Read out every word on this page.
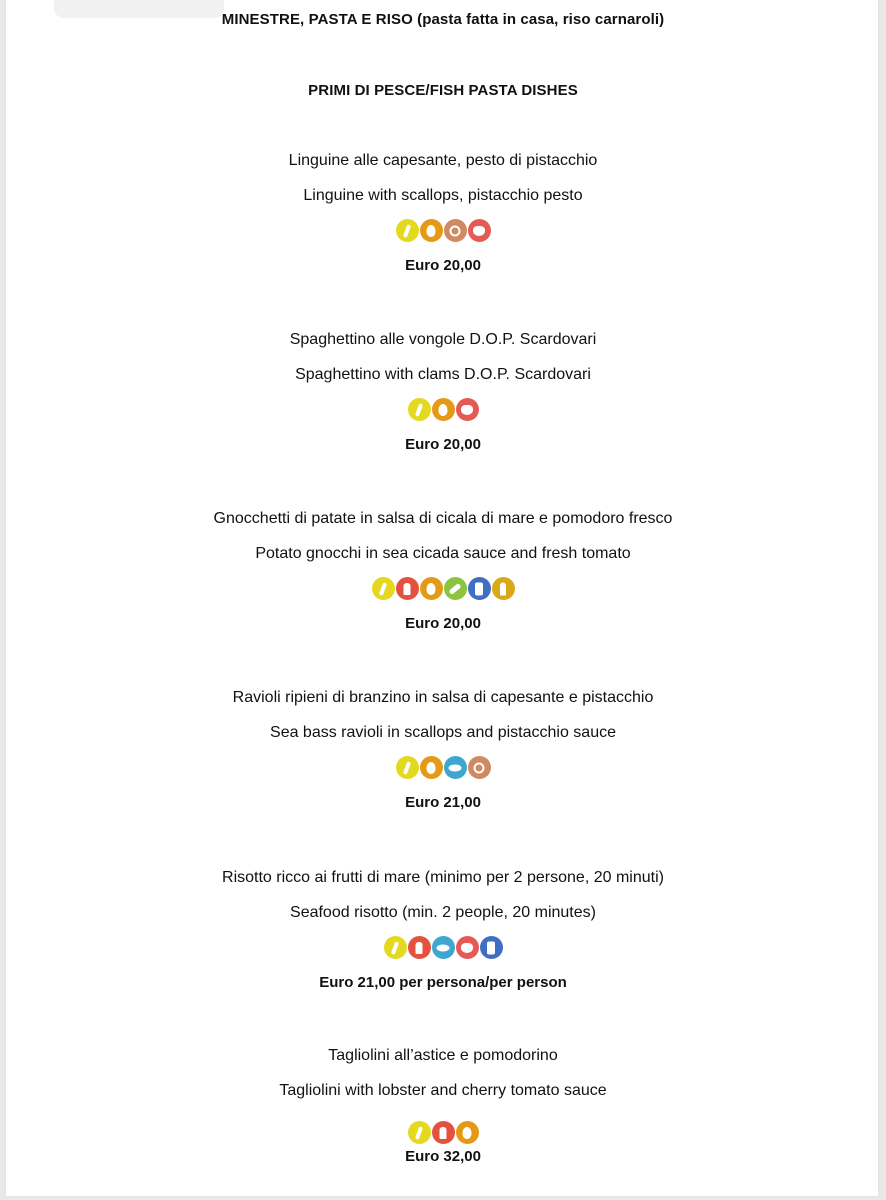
MINESTRE, PASTA E RISO (pasta fatta in casa, riso carnaroli)
PRIMI DI PESCE/FISH PASTA DISHES
Linguine alle capesante, pesto di pistacchio
Linguine with scallops, pistacchio pesto
Euro 20,00
Spaghettino alle vongole D.O.P. Scardovari
Spaghettino with clams D.O.P. Scardovari
Euro 20,00
Gnocchetti di patate in salsa di cicala di mare e pomodoro fresco
Potato gnocchi in sea cicada sauce and fresh tomato
Euro 20,00
Ravioli ripieni di branzino in salsa di capesante e pistacchio
Sea bass ravioli in scallops and pistacchio sauce
Euro 21,00
Risotto ricco ai frutti di mare (minimo per 2 persone, 20 minuti)
Seafood risotto (min. 2 people, 20 minutes)
Euro 21,00 per persona/per person
Tagliolini all’astice e pomodorino
Tagliolini with lobster and cherry tomato sauce
Euro 32,00
